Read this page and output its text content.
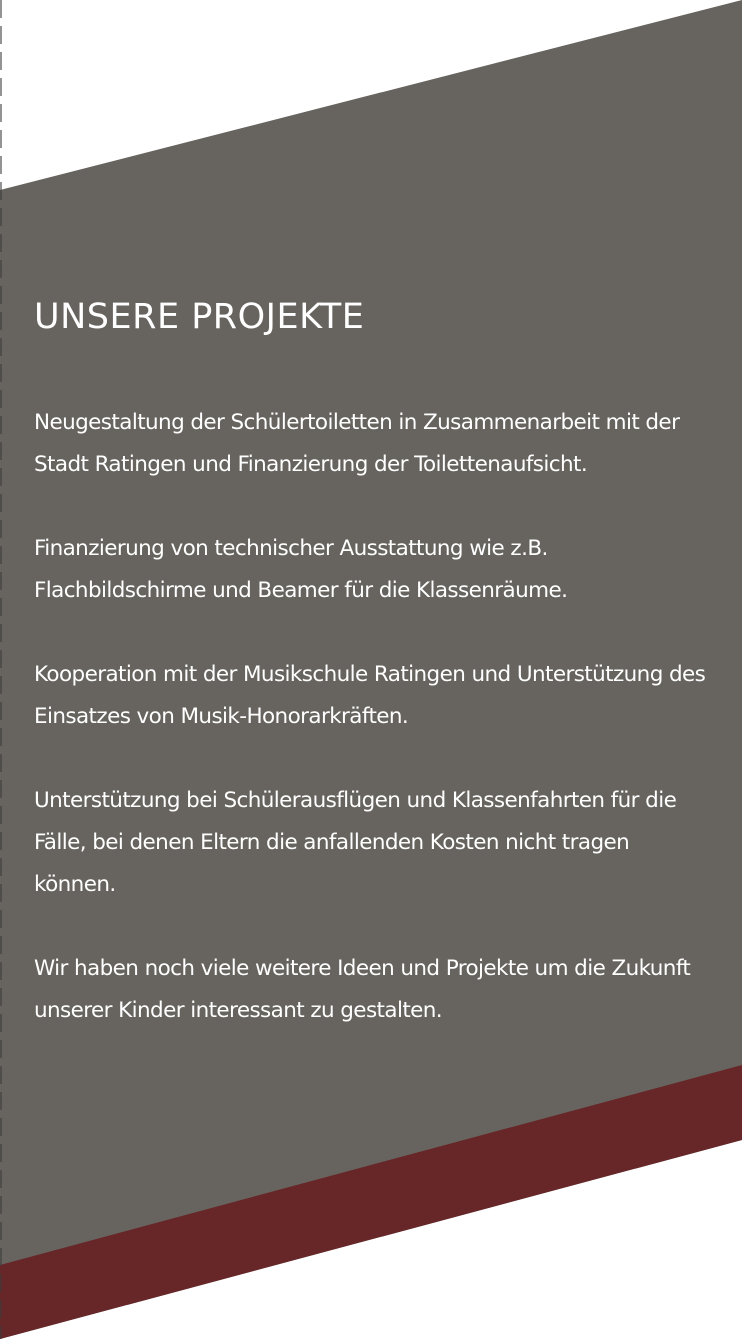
UNSERE PROJEKTE

Neugestaltung der Schülertoiletten in Zusammenarbeit mit der Stadt Ratingen und Finanzierung der Toilettenaufsicht.

Finanzierung von technischer Ausstattung wie z.B. Flachbildschirme und Beamer für die Klassenräume.

Kooperation mit der Musikschule Ratingen und Unterstützung des Einsatzes von Musik-Honorarkräften.

Unterstützung bei Schülerausflügen und Klassenfahrten für die Fälle, bei denen Eltern die anfallenden Kosten nicht tragen können.

Wir haben noch viele weitere Ideen und Projekte um die Zukunft unserer Kinder interessant zu gestalten.
